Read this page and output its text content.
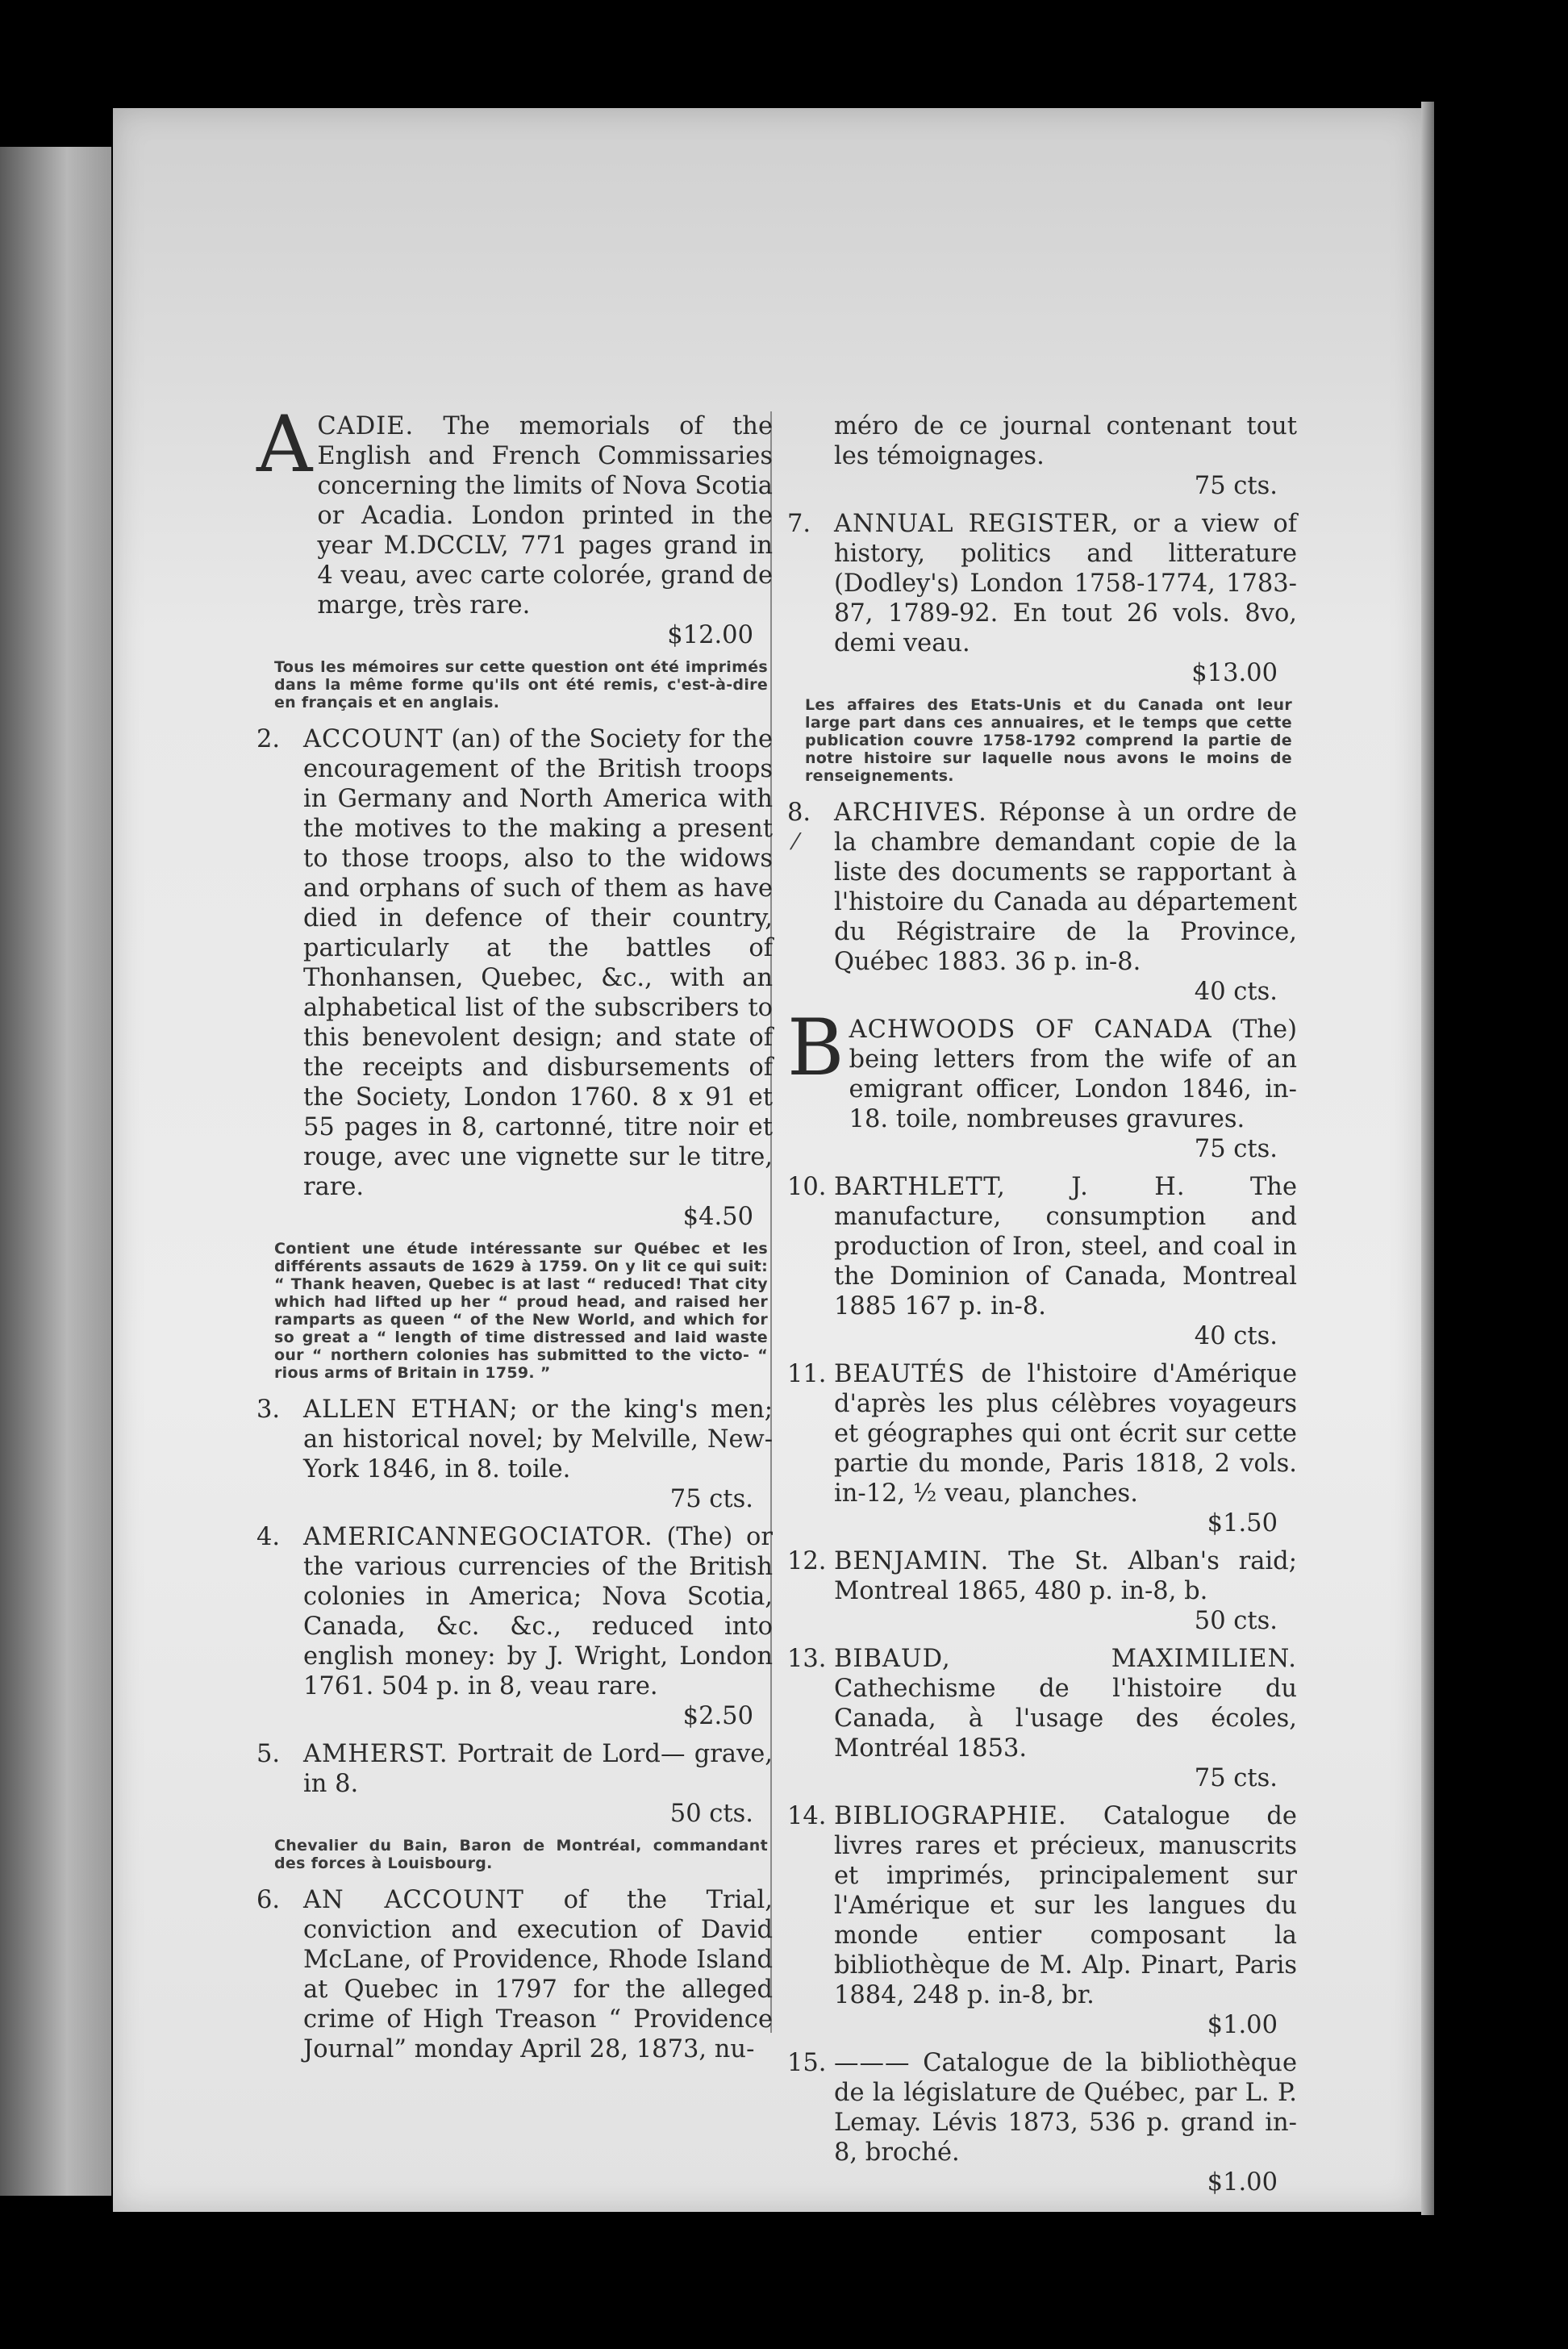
A CADIE. The memorials of the English and French Commissaries concerning the limits of Nova Scotia or Acadia. London printed in the year M.DCCLV, 771 pages grand in 4 veau, avec carte colorée, grand de marge, très rare.
$12.00
Tous les mémoires sur cette question ont été imprimés dans la même forme qu'ils ont été remis, c'est-à-dire en français et en anglais.
2. ACCOUNT (an) of the Society for the encouragement of the British troops in Germany and North America with the motives to the making a present to those troops, also to the widows and orphans of such of them as have died in defence of their country, particularly at the battles of Thonhansen, Quebec, &c., with an alphabetical list of the subscribers to this benevolent design; and state of the receipts and disbursements of the Society, London 1760. 8 x 91 et 55 pages in 8, cartonné, titre noir et rouge, avec une vignette sur le titre, rare.
$4.50
Contient une étude intéressante sur Québec et les différents assauts de 1629 à 1759. On y lit ce qui suit: “ Thank heaven, Quebec is at last “ reduced! That city which had lifted up her “ proud head, and raised her ramparts as queen “ of the New World, and which for so great a “ length of time distressed and laid waste our “ northern colonies has submitted to the victo- “ rious arms of Britain in 1759. ”
3. ALLEN ETHAN; or the king's men; an historical novel; by Melville, New-York 1846, in 8. toile.
75 cts.
4. AMERICANNEGOCIATOR. (The) or the various currencies of the British colonies in America; Nova Scotia, Canada, &c. &c., reduced into english money: by J. Wright, London 1761. 504 p. in 8, veau rare.
$2.50
5. AMHERST. Portrait de Lord— grave, in 8.
50 cts.
Chevalier du Bain, Baron de Montréal, commandant des forces à Louisbourg.
6. AN ACCOUNT of the Trial, conviction and execution of David McLane, of Providence, Rhode Island at Quebec in 1797 for the alleged crime of High Treason “ Providence Journal” monday April 28, 1873, nu-
méro de ce journal contenant tout les témoignages.
75 cts.
7. ANNUAL REGISTER, or a view of history, politics and litterature (Dodley's) London 1758-1774, 1783-87, 1789-92. En tout 26 vols. 8vo, demi veau.
$13.00
Les affaires des Etats-Unis et du Canada ont leur large part dans ces annuaires, et le temps que cette publication couvre 1758-1792 comprend la partie de notre histoire sur laquelle nous avons le moins de renseignements.
8.
⁄
ARCHIVES. Réponse à un ordre de la chambre demandant copie de la liste des documents se rapportant à l'histoire du Canada au département du Régistraire de la Province, Québec 1883. 36 p. in-8.
40 cts.
B ACHWOODS OF CANADA (The) being letters from the wife of an emigrant officer, London 1846, in-18. toile, nombreuses gravures.
75 cts.
10. BARTHLETT, J. H.	The manufacture, consumption and production of Iron, steel, and coal in the Dominion of Canada, Montreal 1885 167 p. in-8.
40 cts.
11. BEAUTÉS de l'histoire d'Amérique d'après les plus célèbres voyageurs et géographes qui ont écrit sur cette partie du monde, Paris 1818, 2 vols. in-12, ½ veau, planches.
$1.50
12. BENJAMIN. The St. Alban's raid; Montreal 1865, 480 p. in-8, b.
50 cts.
13. BIBAUD, MAXIMILIEN. Cathechisme de l'histoire du Canada, à l'usage des écoles, Montréal 1853.
75 cts.
14. BIBLIOGRAPHIE. Catalogue de livres rares et précieux, manuscrits et imprimés, principalement sur l'Amérique et sur les langues du monde entier composant la bibliothèque de M. Alp. Pinart, Paris 1884, 248 p. in-8, br.
$1.00
15. ——— Catalogue de la bibliothèque de la législature de Québec, par L. P. Lemay. Lévis 1873, 536 p. grand in-8, broché.
$1.00
